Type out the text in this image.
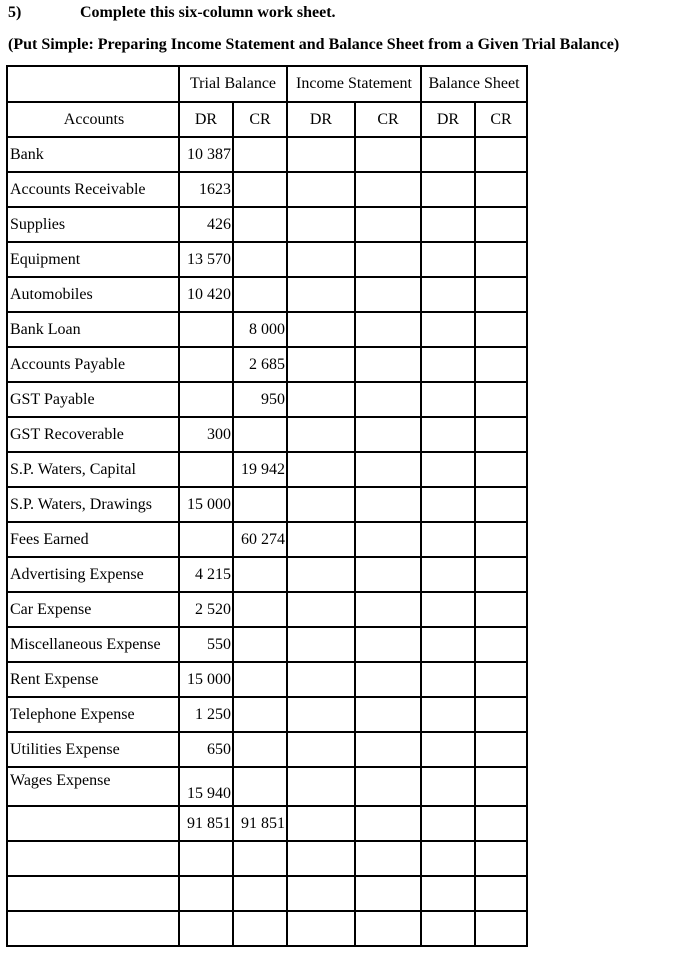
5)	Complete this six-column work sheet.
(Put Simple: Preparing Income Statement and Balance Sheet from a Given Trial Balance)
	Trial Balance		Income Statement		Balance Sheet	
Accounts	DR	CR	DR	CR	DR	CR
Bank	10 387					
Accounts Receivable	1623					
Supplies	426					
Equipment	13 570					
Automobiles	10 420					
Bank Loan		8 000				
Accounts Payable		2 685				
GST Payable		950				
GST Recoverable	300					
S.P. Waters, Capital		19 942				
S.P. Waters, Drawings	15 000					
Fees Earned		60 274				
Advertising Expense	4 215					
Car Expense	2 520					
Miscellaneous Expense	550					
Rent Expense	15 000					
Telephone Expense	1 250					
Utilities Expense	650					
Wages Expense	15 940					
	91 851	91 851				
